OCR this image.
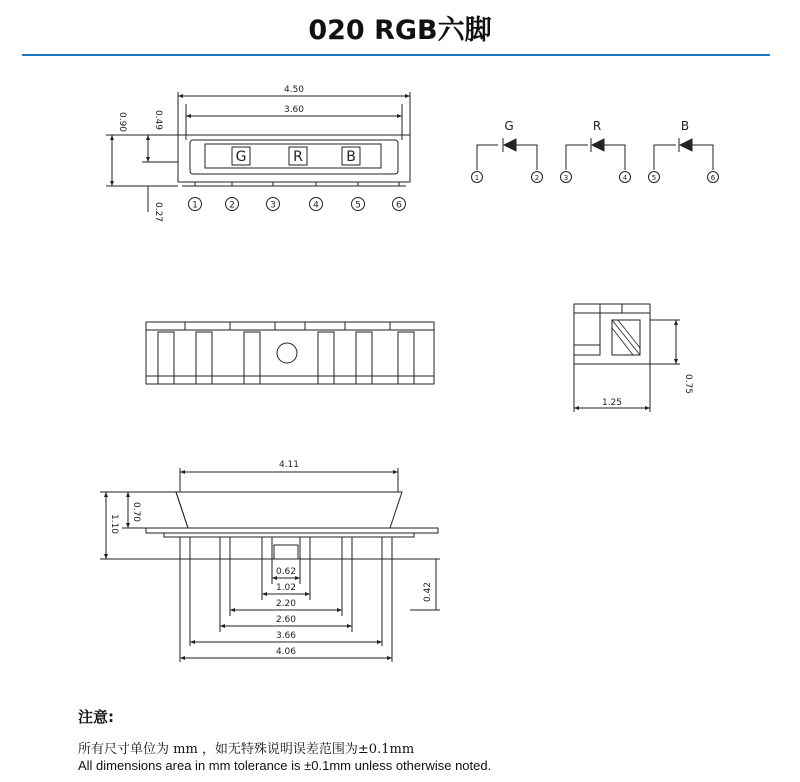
020 RGB六脚
4.50
3.60
0.90	0.49
0.27
G	R	B
1	2	3	4	5	6
G	R	B
1	2	3	4	5	6
1.25
0.75
4.11
1.10
0.70
0.42
0.62
1.02
2.20
2.60
3.66
4.06
注意:
所有尺寸单位为 mm ，如无特殊说明误差范围为±0.1mm
All dimensions area in mm tolerance is ±0.1mm unless otherwise noted.
